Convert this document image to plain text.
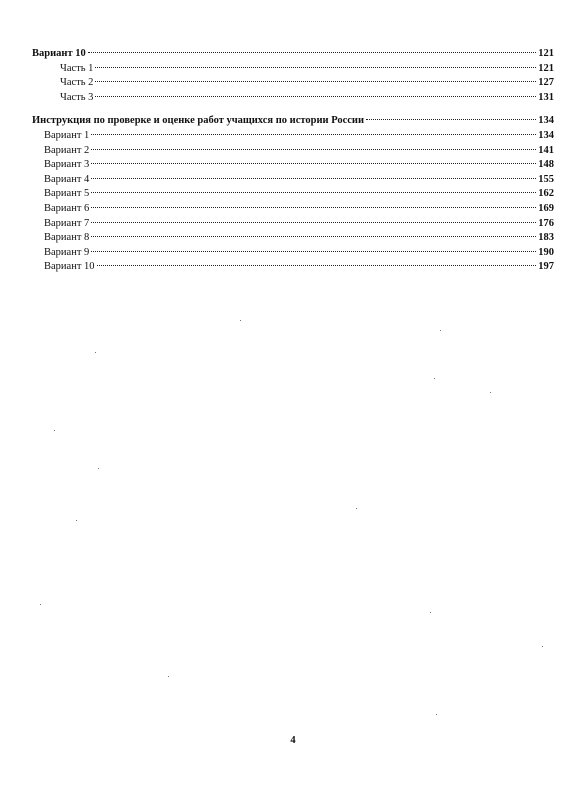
Вариант 10	121
Часть 1	121
Часть 2	127
Часть 3	131
Инструкция по проверке и оценке работ учащихся по истории России	134
Вариант 1	134
Вариант 2	141
Вариант 3	148
Вариант 4	155
Вариант 5	162
Вариант 6	169
Вариант 7	176
Вариант 8	183
Вариант 9	190
Вариант 10	197
4
